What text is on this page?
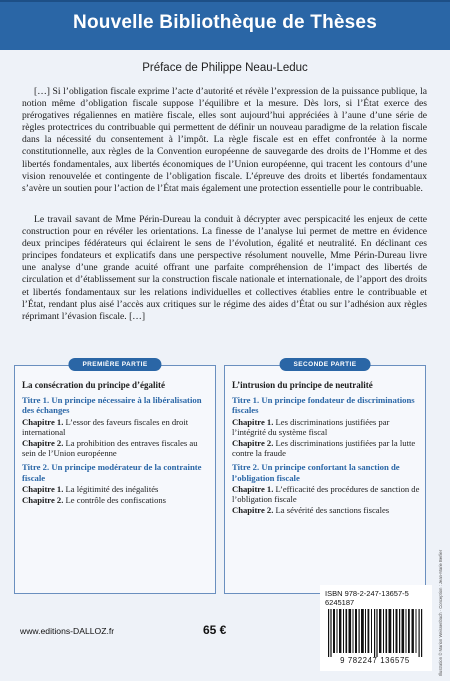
Nouvelle Bibliothèque de Thèses
Préface de Philippe Neau-Leduc
[…] Si l’obligation fiscale exprime l’acte d’autorité et révèle l’expression de la puissance publique, la notion même d’obligation fiscale suppose l’équilibre et la mesure. Dès lors, si l’État exerce des prérogatives régaliennes en matière fiscale, elles sont aujourd’hui appréciées à l’aune d’une série de règles protectrices du contribuable qui permettent de définir un nouveau paradigme de la relation fiscale dans la nécessité du consentement à l’impôt. La règle fiscale est en effet confrontée à la norme constitutionnelle, aux règles de la Convention européenne de sauvegarde des droits de l’Homme et des libertés fondamentales, aux libertés économiques de l’Union européenne, qui tracent les contours d’une vision renouvelée et contingente de l’obligation fiscale. L’épreuve des droits et libertés fondamentaux s’avère un soutien pour l’action de l’État mais également une protection essentielle pour le contribuable.
Le travail savant de Mme Périn-Dureau la conduit à décrypter avec perspicacité les enjeux de cette construction pour en révéler les orientations. La finesse de l’analyse lui permet de mettre en évidence deux principes fédérateurs qui éclairent le sens de l’évolution, égalité et neutralité. En déclinant ces principes fondateurs et explicatifs dans une perspective résolument nouvelle, Mme Périn-Dureau livre une analyse d’une grande acuité offrant une parfaite compréhension de l’impact des libertés de circulation et d’établissement sur la construction fiscale nationale et internationale, de l’apport des droits et libertés fondamentaux sur les relations individuelles et collectives établies entre le contribuable et l’État, rendant plus aisé l’accès aux critiques sur le régime des aides d’État ou sur l’adhésion aux règles réprimant l’évasion fiscale. […]
PREMIÈRE PARTIE
La consécration du principe d’égalité
Titre 1. Un principe nécessaire à la libéralisation des échanges
Chapitre 1. L’essor des faveurs fiscales en droit international
Chapitre 2. La prohibition des entraves fiscales au sein de l’Union européenne
Titre 2. Un principe modérateur de la contrainte fiscale
Chapitre 1. La légitimité des inégalités
Chapitre 2. Le contrôle des confiscations
SECONDE PARTIE
L’intrusion du principe de neutralité
Titre 1. Un principe fondateur de discriminations fiscales
Chapitre 1. Les discriminations justifiées par l’intégrité du système fiscal
Chapitre 2. Les discriminations justifiées par la lutte contre la fraude
Titre 2. Un principe confortant la sanction de l’obligation fiscale
Chapitre 1. L’efficacité des procédures de sanction de l’obligation fiscale
Chapitre 2. La sévérité des sanctions fiscales
www.editions-DALLOZ.fr	65 €
ISBN 978-2-247-13657-5
6245187
9 782247 136575	Illustration © Marion Weissenbach · Conception : Jean-Marie Berlier
